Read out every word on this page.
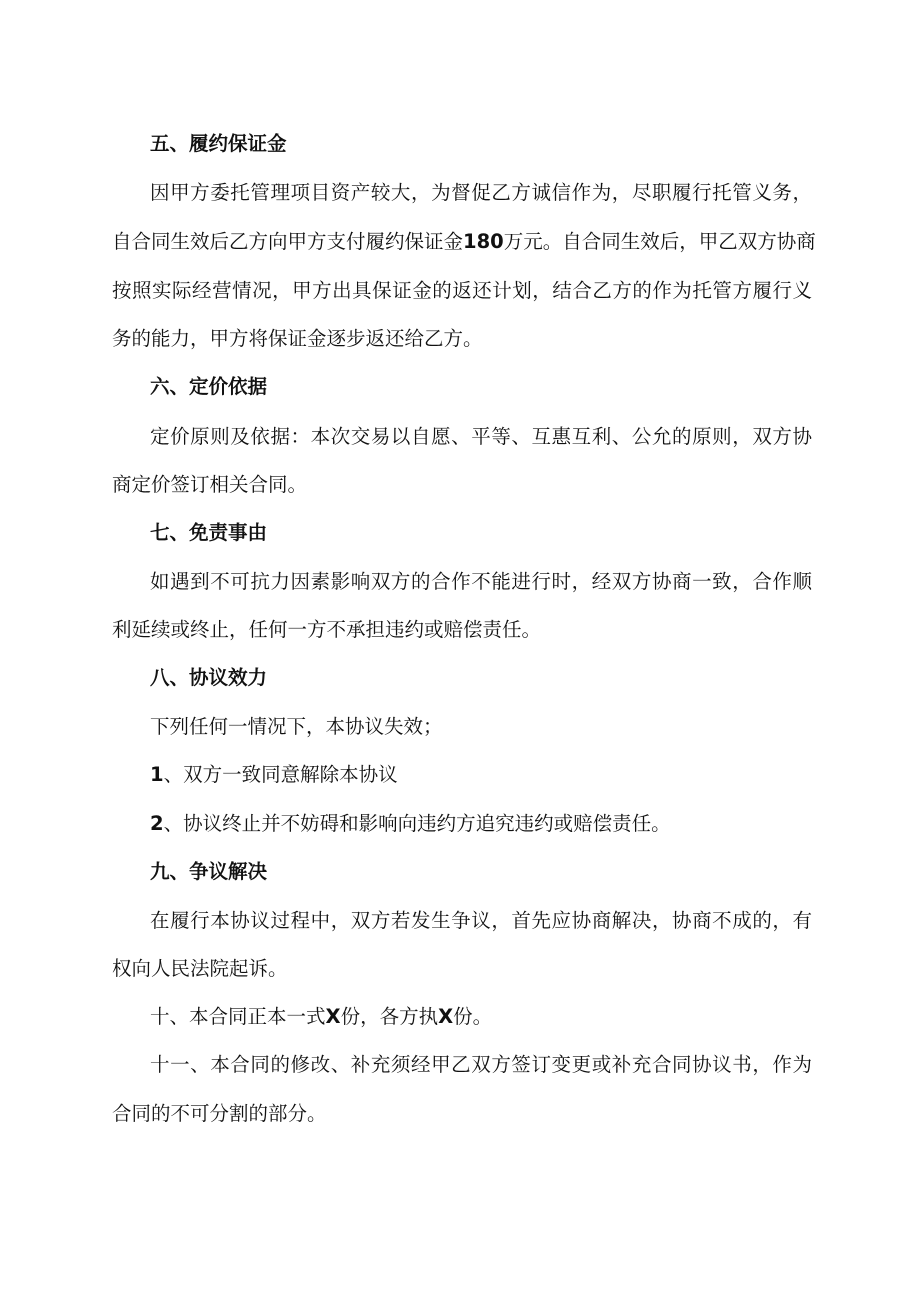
五、履约保证金
因甲方委托管理项目资产较大，为督促乙方诚信作为，尽职履行托管义务，
自合同生效后乙方向甲方支付履约保证金180万元。自合同生效后，甲乙双方协商
按照实际经营情况，甲方出具保证金的返还计划，结合乙方的作为托管方履行义
务的能力，甲方将保证金逐步返还给乙方。
六、定价依据
定价原则及依据：本次交易以自愿、平等、互惠互利、公允的原则，双方协
商定价签订相关合同。
七、免责事由
如遇到不可抗力因素影响双方的合作不能进行时，经双方协商一致，合作顺
利延续或终止，任何一方不承担违约或赔偿责任。
八、协议效力
下列任何一情况下，本协议失效；
1、双方一致同意解除本协议
2、协议终止并不妨碍和影响向违约方追究违约或赔偿责任。
九、争议解决
在履行本协议过程中，双方若发生争议，首先应协商解决，协商不成的，有
权向人民法院起诉。
十、本合同正本一式X份，各方执X份。
十一、本合同的修改、补充须经甲乙双方签订变更或补充合同协议书，作为
合同的不可分割的部分。
